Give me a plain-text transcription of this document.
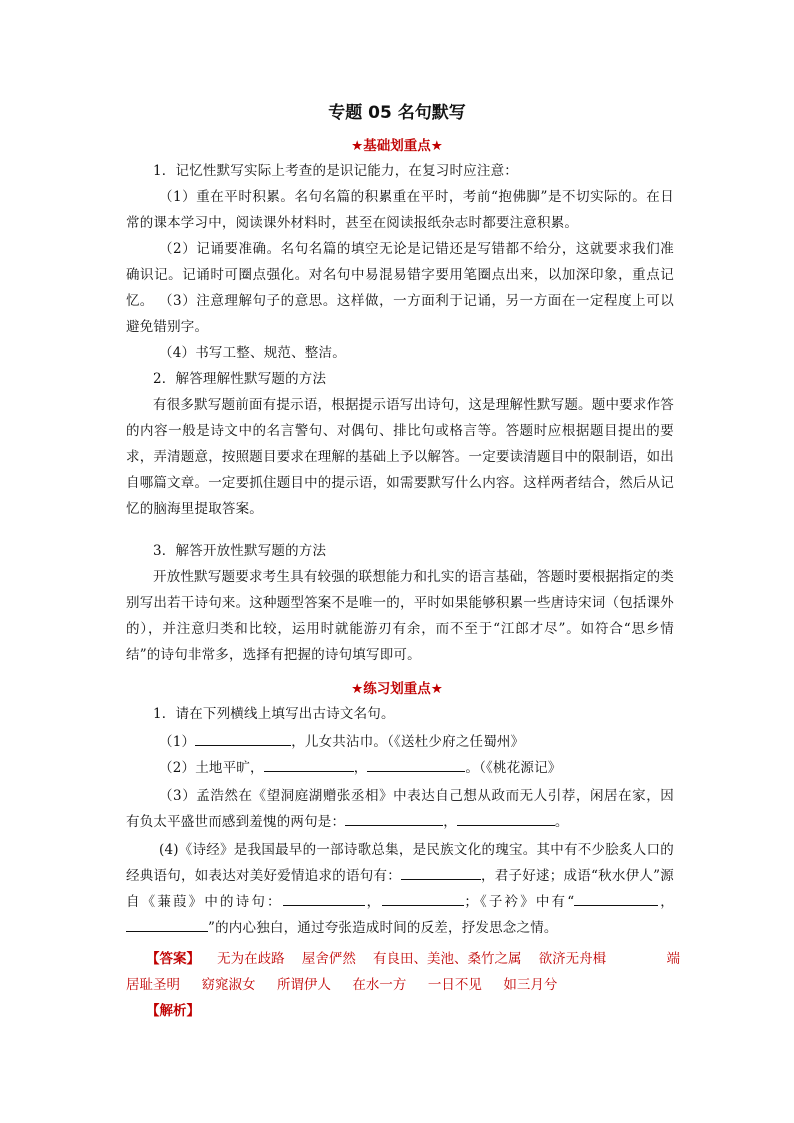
专题 05 名句默写
★基础划重点★

1．记忆性默写实际上考查的是识记能力，在复习时应注意：

（1）重在平时积累。名句名篇的积累重在平时，考前“抱佛脚”是不切实际的。在日常的课本学习中，阅读课外材料时，甚至在阅读报纸杂志时都要注意积累。

（2）记诵要准确。名句名篇的填空无论是记错还是写错都不给分，这就要求我们准确识记。记诵时可圈点强化。对名句中易混易错字要用笔圈点出来，以加深印象，重点记忆。 （3）注意理解句子的意思。这样做，一方面利于记诵，另一方面在一定程度上可以避免错别字。

（4）书写工整、规范、整洁。

2．解答理解性默写题的方法

有很多默写题前面有提示语，根据提示语写出诗句，这是理解性默写题。题中要求作答的内容一般是诗文中的名言警句、对偶句、排比句或格言等。答题时应根据题目提出的要求，弄清题意，按照题目要求在理解的基础上予以解答。一定要读清题目中的限制语，如出自哪篇文章。一定要抓住题目中的提示语，如需要默写什么内容。这样两者结合，然后从记忆的脑海里提取答案。

3．解答开放性默写题的方法

开放性默写题要求考生具有较强的联想能力和扎实的语言基础，答题时要根据指定的类别写出若干诗句来。这种题型答案不是唯一的，平时如果能够积累一些唐诗宋词（包括课外的），并注意归类和比较，运用时就能游刃有余，而不至于“江郎才尽”。如符合“思乡情结”的诗句非常多，选择有把握的诗句填写即可。

★练习划重点★

1．请在下列横线上填写出古诗文名句。

（1）	，儿女共沾巾。（《送杜少府之任蜀州》

（2）土地平旷，	，	。（《桃花源记》

（3）孟浩然在《望洞庭湖赠张丞相》中表达自己想从政而无人引荐，闲居在家，因有负太平盛世而感到羞愧的两句是：	，	。

(4)《诗经》是我国最早的一部诗歌总集，是民族文化的瑰宝。其中有不少脍炙人口的经典语句，如表达对美好爱情追求的语句有：	，君子好逑；成语“秋水伊人”源自《蒹葭》中的诗句：	，	；《子衿》中有“	，”的内心独白，通过夸张造成时间的反差，抒发思念之情。

【答案】 无为在歧路 屋舍俨然 有良田、美池、桑竹之属 欲济无舟楫	端
居耻圣明 窈窕淑女 所谓伊人 在水一方 一日不见 如三月兮
【解析】
